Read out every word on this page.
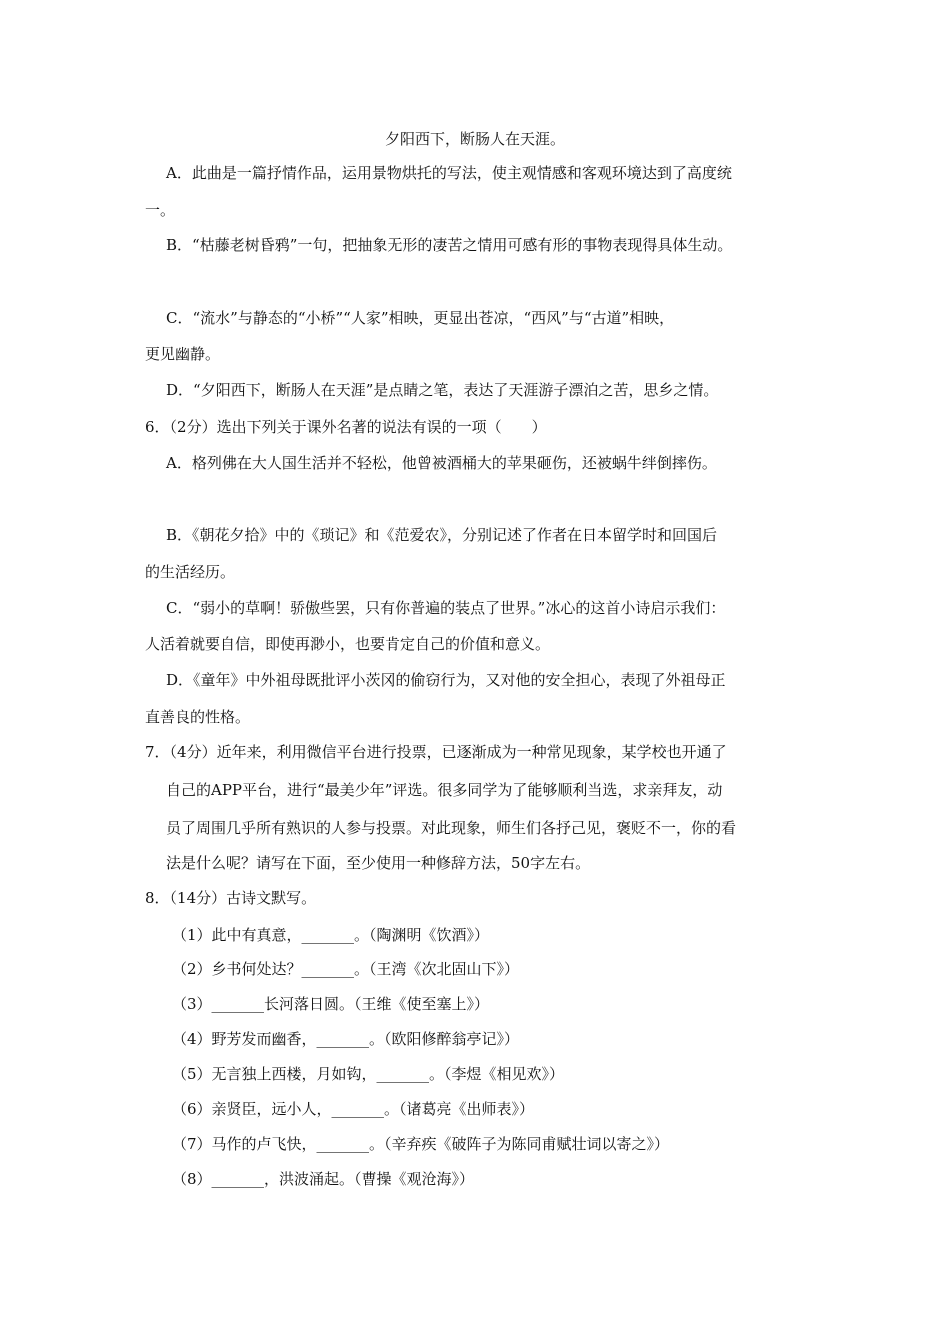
夕阳西下，断肠人在天涯。
A．此曲是一篇抒情作品，运用景物烘托的写法，使主观情感和客观环境达到了高度统
一。
B．“枯藤老树昏鸦”一句，把抽象无形的凄苦之情用可感有形的事物表现得具体生动。
C．“流水”与静态的“小桥”“人家”相映，更显出苍凉，“西风”与“古道”相映，
更见幽静。
D．“夕阳西下，断肠人在天涯”是点睛之笔，表达了天涯游子漂泊之苦，思乡之情。
6．（2分）选出下列关于课外名著的说法有误的一项（　　）
A．格列佛在大人国生活并不轻松，他曾被酒桶大的苹果砸伤，还被蜗牛绊倒摔伤。
B．《朝花夕拾》中的《琐记》和《范爱农》，分别记述了作者在日本留学时和回国后
的生活经历。
C．“弱小的草啊！骄傲些罢，只有你普遍的装点了世界。”冰心的这首小诗启示我们：
人活着就要自信，即使再渺小，也要肯定自己的价值和意义。
D．《童年》中外祖母既批评小茨冈的偷窃行为，又对他的安全担心，表现了外祖母正
直善良的性格。
7．（4分）近年来，利用微信平台进行投票，已逐渐成为一种常见现象，某学校也开通了
自己的APP平台，进行“最美少年”评选。很多同学为了能够顺利当选，求亲拜友，动
员了周围几乎所有熟识的人参与投票。对此现象，师生们各抒己见，褒贬不一，你的看
法是什么呢？请写在下面，至少使用一种修辞方法，50字左右。
8．（14分）古诗文默写。
（1）此中有真意，_______。（陶渊明《饮酒》）
（2）乡书何处达？_______。（王湾《次北固山下》）
（3）_______长河落日圆。（王维《使至塞上》）
（4）野芳发而幽香，_______。（欧阳修醉翁亭记》）
（5）无言独上西楼，月如钩，_______。（李煜《相见欢》）
（6）亲贤臣，远小人，_______。（诸葛亮《出师表》）
（7）马作的卢飞快，_______。（辛弃疾《破阵子为陈同甫赋壮词以寄之》）
（8）_______，洪波涌起。（曹操《观沧海》）
